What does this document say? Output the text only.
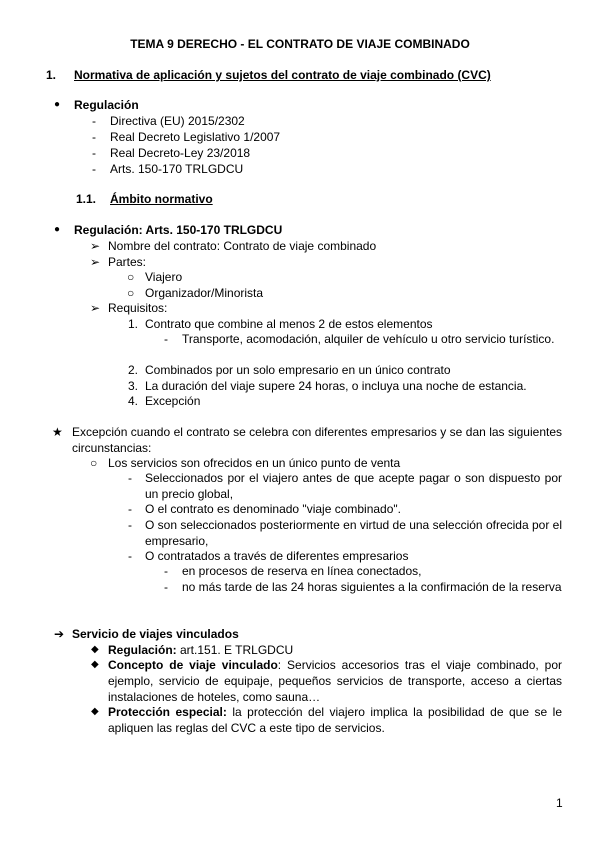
TEMA 9 DERECHO - EL CONTRATO DE VIAJE COMBINADO
1. Normativa de aplicación y sujetos del contrato de viaje combinado (CVC)
● Regulación
- Directiva (EU) 2015/2302
- Real Decreto Legislativo 1/2007
- Real Decreto-Ley 23/2018
- Arts. 150-170 TRLGDCU
1.1. Ámbito normativo
● Regulación: Arts. 150-170 TRLGDCU
➢ Nombre del contrato: Contrato de viaje combinado
➢ Partes:
○ Viajero
○ Organizador/Minorista
➢ Requisitos:
1. Contrato que combine al menos 2 de estos elementos
- Transporte, acomodación, alquiler de vehículo u otro servicio turístico.
2. Combinados por un solo empresario en un único contrato
3. La duración del viaje supere 24 horas, o incluya una noche de estancia.
4. Excepción
★ Excepción cuando el contrato se celebra con diferentes empresarios y se dan las siguientes circunstancias:
○ Los servicios son ofrecidos en un único punto de venta
- Seleccionados por el viajero antes de que acepte pagar o son dispuesto por un precio global,
- O el contrato es denominado "viaje combinado".
- O son seleccionados posteriormente en virtud de una selección ofrecida por el empresario,
- O contratados a través de diferentes empresarios
- en procesos de reserva en línea conectados,
- no más tarde de las 24 horas siguientes a la confirmación de la reserva
➔ Servicio de viajes vinculados
◆ Regulación: art.151. E TRLGDCU
◆ Concepto de viaje vinculado: Servicios accesorios tras el viaje combinado, por ejemplo, servicio de equipaje, pequeños servicios de transporte, acceso a ciertas instalaciones de hoteles, como sauna…
◆ Protección especial: la protección del viajero implica la posibilidad de que se le apliquen las reglas del CVC a este tipo de servicios.
1
